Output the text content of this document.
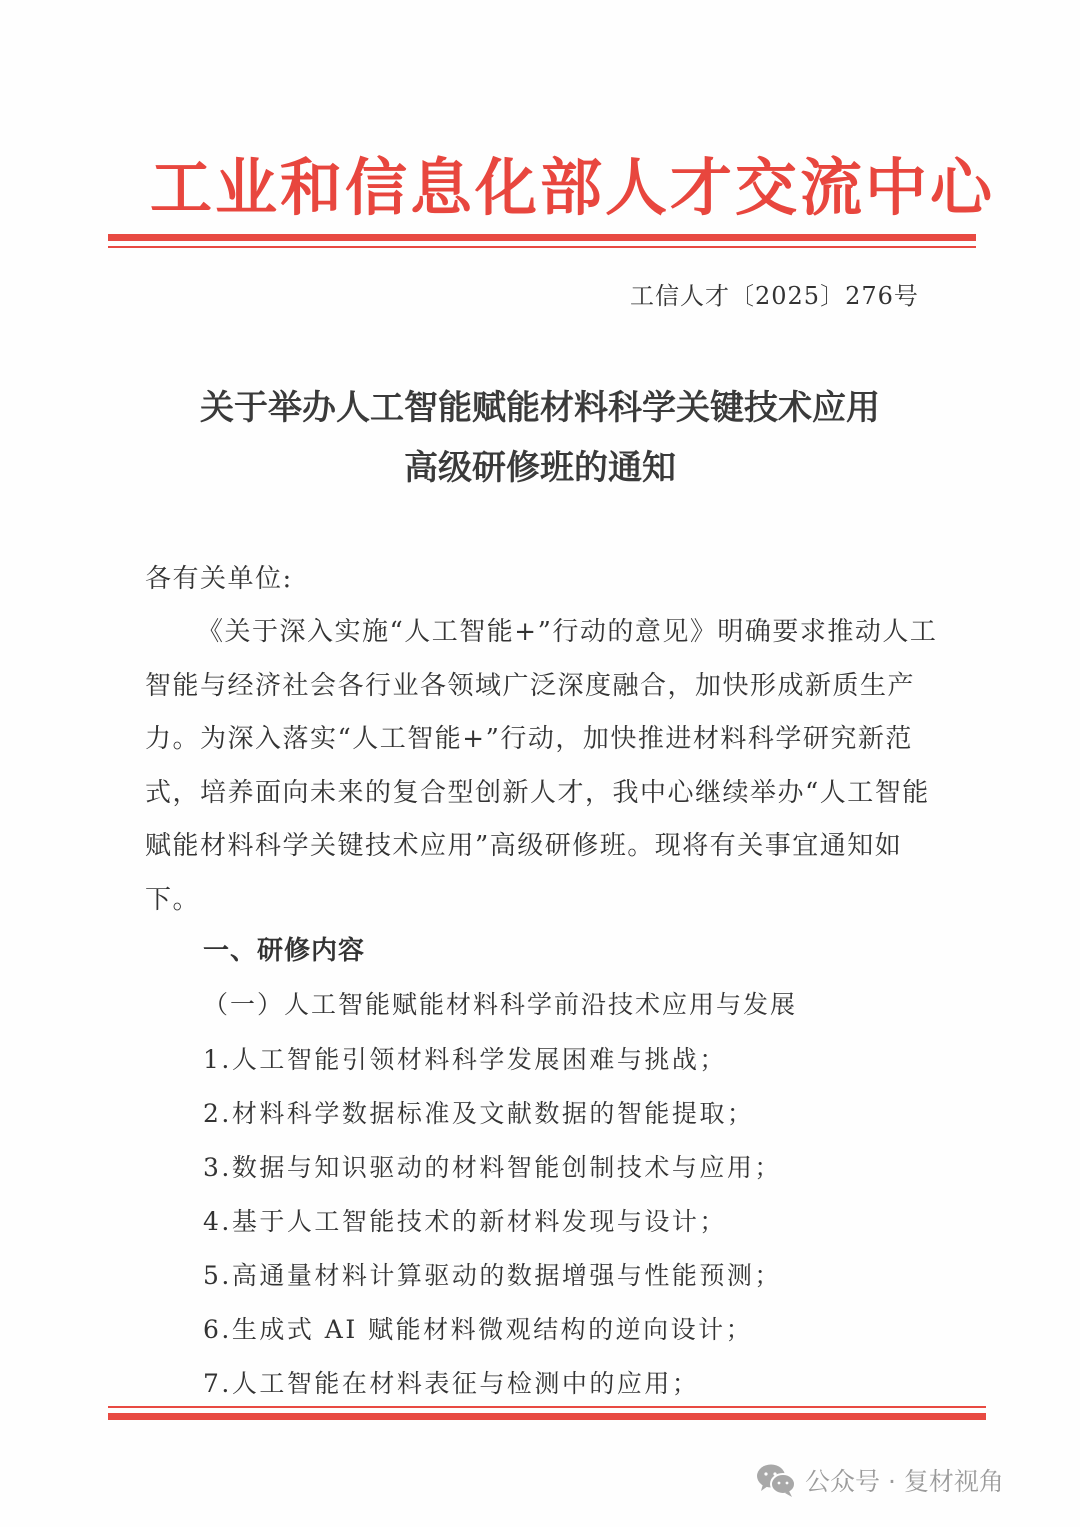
工业和信息化部人才交流中心
工信人才〔2025〕276号
关于举办人工智能赋能材料科学关键技术应用
高级研修班的通知
各有关单位:
《关于深入实施“人工智能+”行动的意见》明确要求推动人工智能与经济社会各行业各领域广泛深度融合，加快形成新质生产力。为深入落实“人工智能+”行动，加快推进材料科学研究新范式，培养面向未来的复合型创新人才，我中心继续举办“人工智能赋能材料科学关键技术应用”高级研修班。现将有关事宜通知如下。
一、研修内容
（一）人工智能赋能材料科学前沿技术应用与发展
1.人工智能引领材料科学发展困难与挑战；
2.材料科学数据标准及文献数据的智能提取；
3.数据与知识驱动的材料智能创制技术与应用；
4.基于人工智能技术的新材料发现与设计；
5.高通量材料计算驱动的数据增强与性能预测；
6.生成式 AI 赋能材料微观结构的逆向设计；
7.人工智能在材料表征与检测中的应用；
公众号 · 复材视角
